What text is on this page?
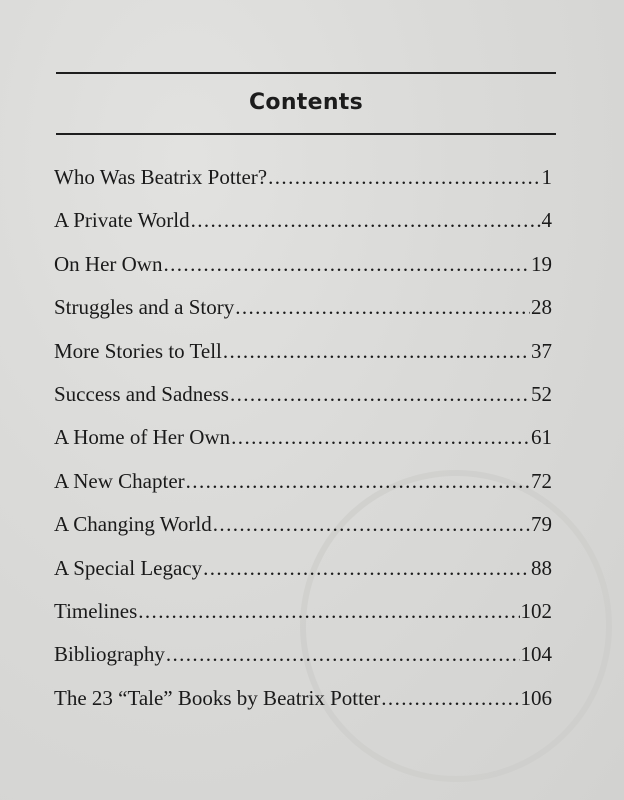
Contents
Who Was Beatrix Potter? .....	1
A Private World .....	4
On Her Own .....	19
Struggles and a Story .....	28
More Stories to Tell .....	37
Success and Sadness .....	52
A Home of Her Own .....	61
A New Chapter .....	72
A Changing World .....	79
A Special Legacy .....	88
Timelines .....	102
Bibliography .....	104
The 23 “Tale” Books by Beatrix Potter .....	106
